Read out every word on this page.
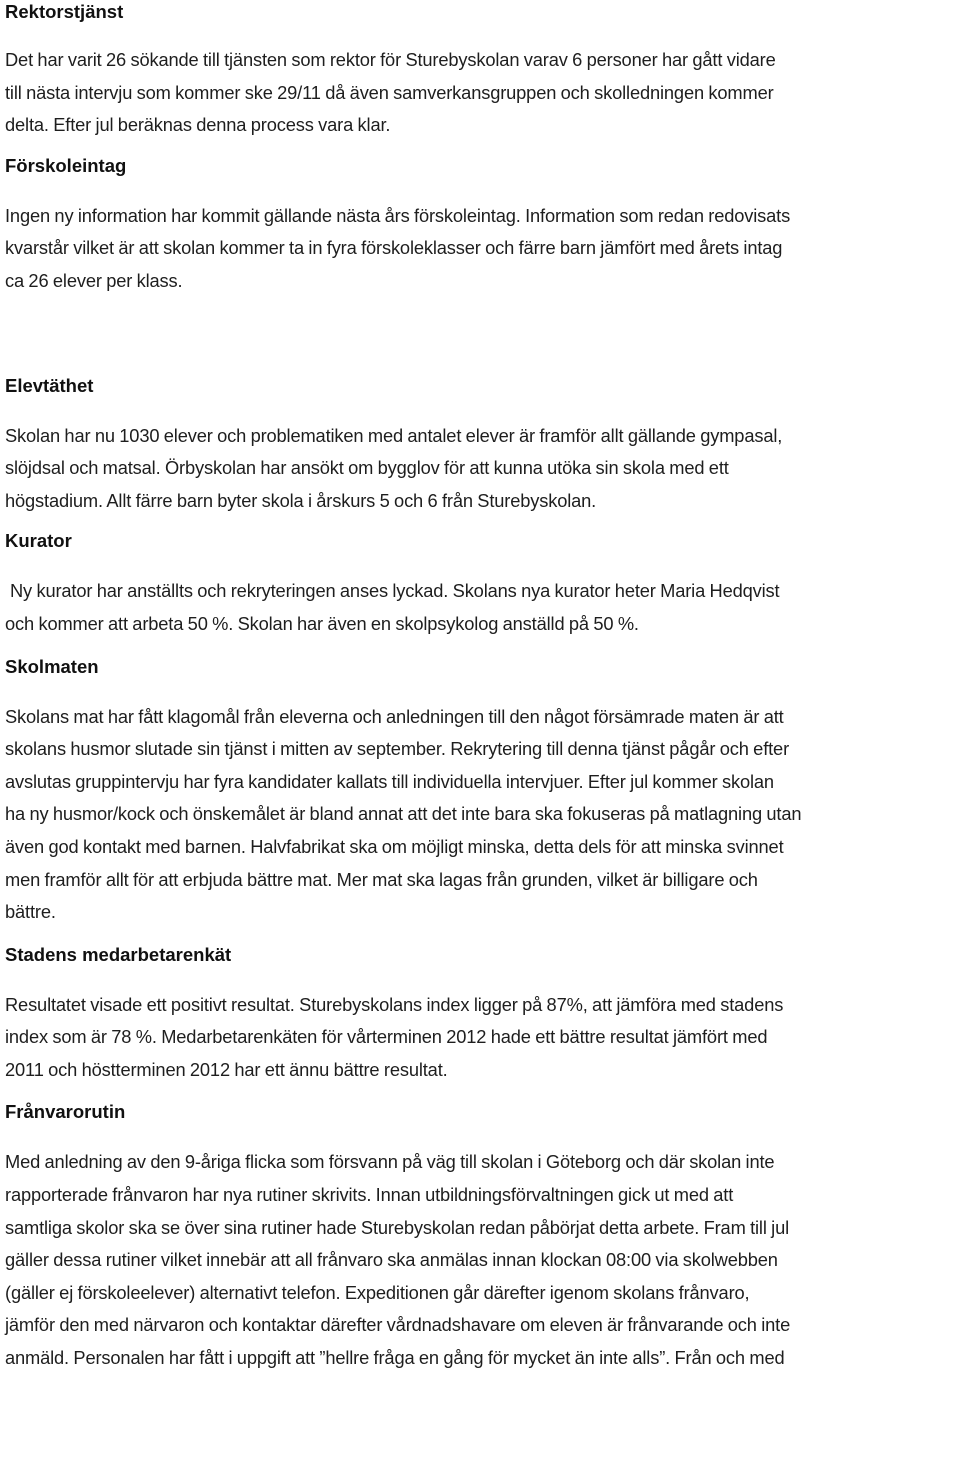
Rektorstjänst

Det har varit 26 sökande till tjänsten som rektor för Sturebyskolan varav 6 personer har gått vidare
till nästa intervju som kommer ske 29/11 då även samverkansgruppen och skolledningen kommer
delta. Efter jul beräknas denna process vara klar.

Förskoleintag

Ingen ny information har kommit gällande nästa års förskoleintag. Information som redan redovisats
kvarstår vilket är att skolan kommer ta in fyra förskoleklasser och färre barn jämfört med årets intag
ca 26 elever per klass.

Elevtäthet

Skolan har nu 1030 elever och problematiken med antalet elever är framför allt gällande gympasal,
slöjdsal och matsal. Örbyskolan har ansökt om bygglov för att kunna utöka sin skola med ett
högstadium. Allt färre barn byter skola i årskurs 5 och 6 från Sturebyskolan.

Kurator

Ny kurator har anställts och rekryteringen anses lyckad. Skolans nya kurator heter Maria Hedqvist
och kommer att arbeta 50 %. Skolan har även en skolpsykolog anställd på 50 %.

Skolmaten

Skolans mat har fått klagomål från eleverna och anledningen till den något försämrade maten är att
skolans husmor slutade sin tjänst i mitten av september. Rekrytering till denna tjänst pågår och efter
avslutas gruppintervju har fyra kandidater kallats till individuella intervjuer. Efter jul kommer skolan
ha ny husmor/kock och önskemålet är bland annat att det inte bara ska fokuseras på matlagning utan
även god kontakt med barnen. Halvfabrikat ska om möjligt minska, detta dels för att minska svinnet
men framför allt för att erbjuda bättre mat. Mer mat ska lagas från grunden, vilket är billigare och
bättre.

Stadens medarbetarenkät

Resultatet visade ett positivt resultat. Sturebyskolans index ligger på 87%, att jämföra med stadens
index som är 78 %. Medarbetarenkäten för vårterminen 2012 hade ett bättre resultat jämfört med
2011 och höstterminen 2012 har ett ännu bättre resultat.

Frånvarorutin

Med anledning av den 9-åriga flicka som försvann på väg till skolan i Göteborg och där skolan inte
rapporterade frånvaron har nya rutiner skrivits. Innan utbildningsförvaltningen gick ut med att
samtliga skolor ska se över sina rutiner hade Sturebyskolan redan påbörjat detta arbete. Fram till jul
gäller dessa rutiner vilket innebär att all frånvaro ska anmälas innan klockan 08:00 via skolwebben
(gäller ej förskoleelever) alternativt telefon. Expeditionen går därefter igenom skolans frånvaro,
jämför den med närvaron och kontaktar därefter vårdnadshavare om eleven är frånvarande och inte
anmäld. Personalen har fått i uppgift att ”hellre fråga en gång för mycket än inte alls”. Från och med
